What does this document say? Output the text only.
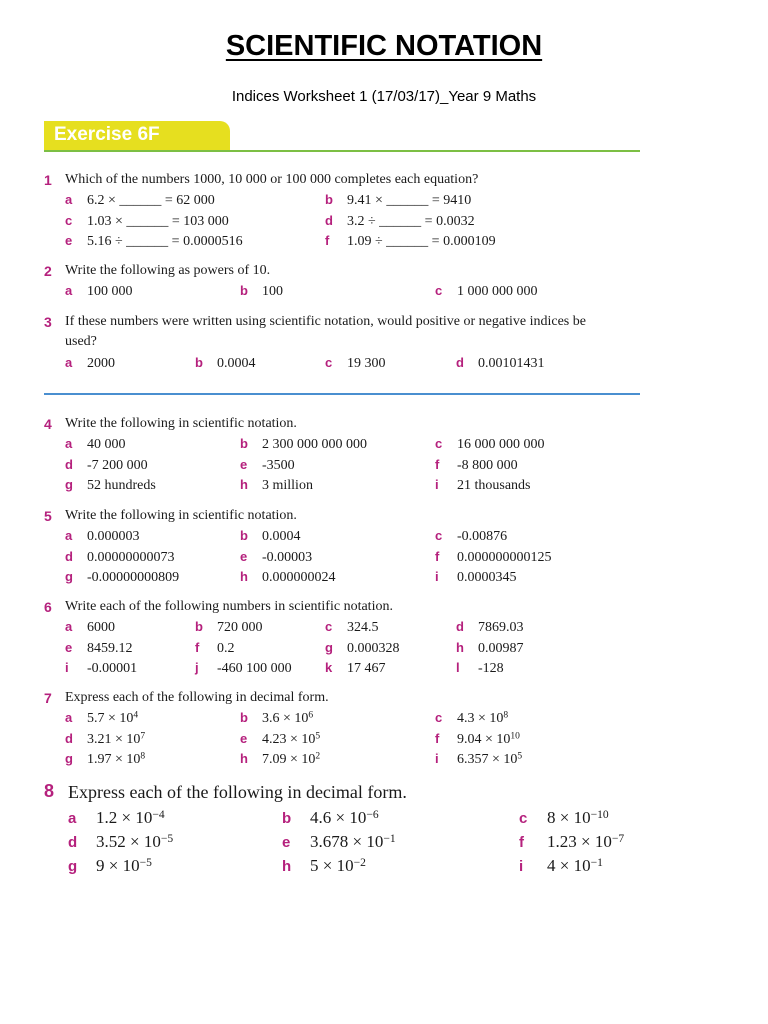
SCIENTIFIC NOTATION
Indices Worksheet 1 (17/03/17)_Year 9 Maths
Exercise 6F
1 Which of the numbers 1000, 10 000 or 100 000 completes each equation?
a 6.2 × ______ = 62 000	b 9.41 × ______ = 9410
c 1.03 × ______ = 103 000	d 3.2 ÷ ______ = 0.0032
e 5.16 ÷ ______ = 0.0000516	f 1.09 ÷ ______ = 0.000109
2 Write the following as powers of 10.
a 100 000	b 100	c 1 000 000 000
3 If these numbers were written using scientific notation, would positive or negative indices be
used?
a 2000	b 0.0004	c 19 300	d 0.00101431
4 Write the following in scientific notation.
a 40 000	b 2 300 000 000 000	c 16 000 000 000
d -7 200 000	e -3500	f -8 800 000
g 52 hundreds	h 3 million	i 21 thousands
5 Write the following in scientific notation.
a 0.000003	b 0.0004	c -0.00876
d 0.00000000073	e -0.00003	f 0.000000000125
g -0.00000000809	h 0.000000024	i 0.0000345
6 Write each of the following numbers in scientific notation.
a 6000	b 720 000	c 324.5	d 7869.03
e 8459.12	f 0.2	g 0.000328	h 0.00987
i -0.00001	j -460 100 000	k 17 467	l -128
7 Express each of the following in decimal form.
a $5.7 \times 10^4$	b $3.6 \times 10^6$	c $4.3 \times 10^8$
d $3.21 \times 10^7$	e $4.23 \times 10^5$	f $9.04 \times 10^{10}$
g $1.97 \times 10^8$	h $7.09 \times 10^2$	i $6.357 \times 10^5$
8 Express each of the following in decimal form.
a $1.2 \times 10^{-4}$	b $4.6 \times 10^{-6}$	c $8 \times 10^{-10}$
d $3.52 \times 10^{-5}$	e $3.678 \times 10^{-1}$	f $1.23 \times 10^{-7}$
g $9 \times 10^{-5}$	h $5 \times 10^{-2}$	i $4 \times 10^{-1}$
